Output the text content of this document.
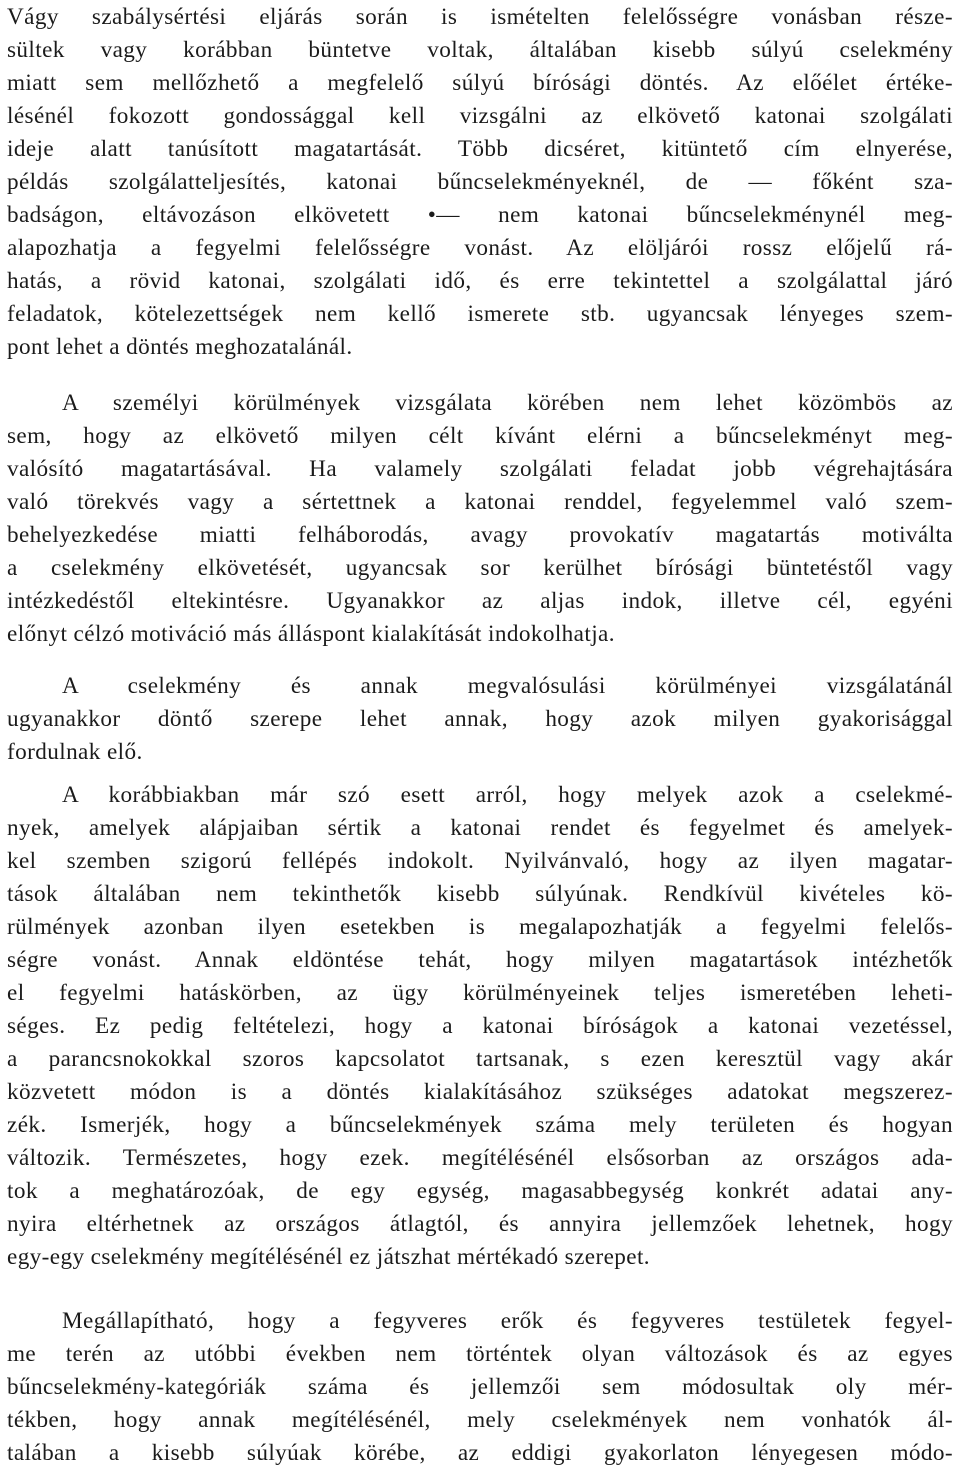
Vágy szabálysértési eljárás során is ismételten felelősségre vonásban része-
sültek vagy korábban büntetve voltak, általában kisebb súlyú cselekmény
miatt sem mellőzhető a megfelelő súlyú bírósági döntés. Az előélet értéke-
lésénél fokozott gondossággal kell vizsgálni az elkövető katonai szolgálati
ideje alatt tanúsított magatartását. Több dicséret, kitüntető cím elnyerése,
példás szolgálatteljesítés, katonai bűncselekményeknél, de — főként sza-
badságon, eltávozáson elkövetett •— nem katonai bűncselekménynél meg-
alapozhatja a fegyelmi felelősségre vonást. Az elöljárói rossz előjelű rá-
hatás, a rövid katonai, szolgálati idő, és erre tekintettel a szolgálattal járó
feladatok, kötelezettségek nem kellő ismerete stb. ugyancsak lényeges szem-
pont lehet a döntés meghozatalánál.
A személyi körülmények vizsgálata körében nem lehet közömbös az
sem, hogy az elkövető milyen célt kívánt elérni a bűncselekményt meg-
valósító magatartásával. Ha valamely szolgálati feladat jobb végrehajtására
való törekvés vagy a sértettnek a katonai renddel, fegyelemmel való szem-
behelyezkedése miatti felháborodás, avagy provokatív magatartás motiválta
a cselekmény elkövetését, ugyancsak sor kerülhet bírósági büntetéstől vagy
intézkedéstől eltekintésre. Ugyanakkor az aljas indok, illetve cél, egyéni
előnyt célzó motiváció más álláspont kialakítását indokolhatja.
A cselekmény és annak megvalósulási körülményei vizsgálatánál
ugyanakkor döntő szerepe lehet annak, hogy azok milyen gyakorisággal
fordulnak elő.
A korábbiakban már szó esett arról, hogy melyek azok a cselekmé-
nyek, amelyek alápjaiban sértik a katonai rendet és fegyelmet és amelyek-
kel szemben szigorú fellépés indokolt. Nyilvánvaló, hogy az ilyen magatar-
tások általában nem tekinthetők kisebb súlyúnak. Rendkívül kivételes kö-
rülmények azonban ilyen esetekben is megalapozhatják a fegyelmi felelős-
ségre vonást. Annak eldöntése tehát, hogy milyen magatartások intézhetők
el fegyelmi hatáskörben, az ügy körülményeinek teljes ismeretében leheti-
séges. Ez pedig feltételezi, hogy a katonai bíróságok a katonai vezetéssel,
a parancsnokokkal szoros kapcsolatot tartsanak, s ezen keresztül vagy akár
közvetett módon is a döntés kialakításához szükséges adatokat megszerez-
zék. Ismerjék, hogy a bűncselekmények száma mely területen és hogyan
változik. Természetes, hogy ezek. megítélésénél elsősorban az országos ada-
tok a meghatározóak, de egy egység, magasabbegység konkrét adatai any-
nyira eltérhetnek az országos átlagtól, és annyira jellemzőek lehetnek, hogy
egy-egy cselekmény megítélésénél ez játszhat mértékadó szerepet.
Megállapítható, hogy a fegyveres erők és fegyveres testületek fegyel-
me terén az utóbbi években nem történtek olyan változások és az egyes
bűncselekmény-kategóriák száma és jellemzői sem módosultak oly mér-
tékben, hogy annak megítélésénél, mely cselekmények nem vonhatók ál-
talában a kisebb súlyúak körébe, az eddigi gyakorlaton lényegesen módo-
